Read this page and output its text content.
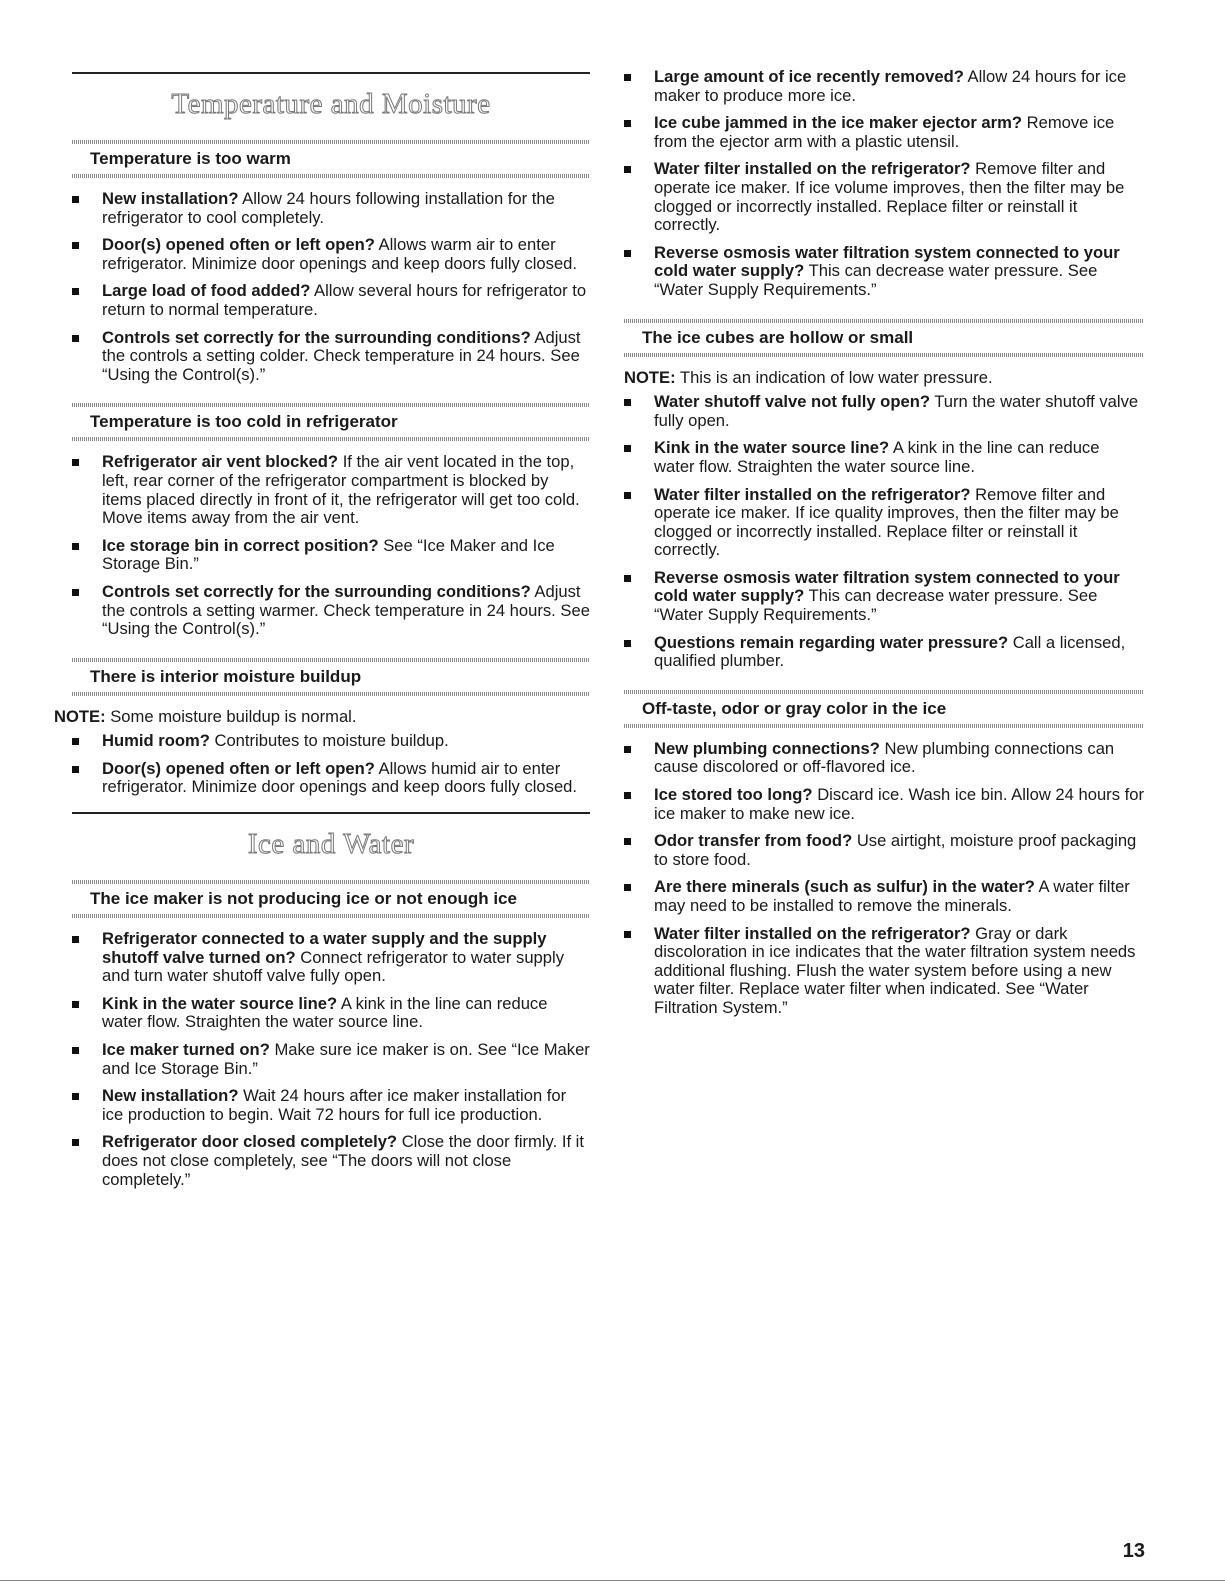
Temperature and Moisture
Temperature is too warm
New installation? Allow 24 hours following installation for the refrigerator to cool completely.
Door(s) opened often or left open? Allows warm air to enter refrigerator. Minimize door openings and keep doors fully closed.
Large load of food added? Allow several hours for refrigerator to return to normal temperature.
Controls set correctly for the surrounding conditions? Adjust the controls a setting colder. Check temperature in 24 hours. See “Using the Control(s).”
Temperature is too cold in refrigerator
Refrigerator air vent blocked? If the air vent located in the top, left, rear corner of the refrigerator compartment is blocked by items placed directly in front of it, the refrigerator will get too cold. Move items away from the air vent.
Ice storage bin in correct position? See “Ice Maker and Ice Storage Bin.”
Controls set correctly for the surrounding conditions? Adjust the controls a setting warmer. Check temperature in 24 hours. See “Using the Control(s).”
There is interior moisture buildup

NOTE: Some moisture buildup is normal.

Humid room? Contributes to moisture buildup.
Door(s) opened often or left open? Allows humid air to enter refrigerator. Minimize door openings and keep doors fully closed.
Ice and Water
The ice maker is not producing ice or not enough ice
Refrigerator connected to a water supply and the supply shutoff valve turned on? Connect refrigerator to water supply and turn water shutoff valve fully open.
Kink in the water source line? A kink in the line can reduce water flow. Straighten the water source line.
Ice maker turned on? Make sure ice maker is on. See “Ice Maker and Ice Storage Bin.”
New installation? Wait 24 hours after ice maker installation for ice production to begin. Wait 72 hours for full ice production.
Refrigerator door closed completely? Close the door firmly. If it does not close completely, see “The doors will not close completely.”
Large amount of ice recently removed? Allow 24 hours for ice maker to produce more ice.
Ice cube jammed in the ice maker ejector arm? Remove ice from the ejector arm with a plastic utensil.
Water filter installed on the refrigerator? Remove filter and operate ice maker. If ice volume improves, then the filter may be clogged or incorrectly installed. Replace filter or reinstall it correctly.
Reverse osmosis water filtration system connected to your cold water supply? This can decrease water pressure. See “Water Supply Requirements.”
The ice cubes are hollow or small

NOTE: This is an indication of low water pressure.

Water shutoff valve not fully open? Turn the water shutoff valve fully open.
Kink in the water source line? A kink in the line can reduce water flow. Straighten the water source line.
Water filter installed on the refrigerator? Remove filter and operate ice maker. If ice quality improves, then the filter may be clogged or incorrectly installed. Replace filter or reinstall it correctly.
Reverse osmosis water filtration system connected to your cold water supply? This can decrease water pressure. See “Water Supply Requirements.”
Questions remain regarding water pressure? Call a licensed, qualified plumber.
Off-taste, odor or gray color in the ice
New plumbing connections? New plumbing connections can cause discolored or off-flavored ice.
Ice stored too long? Discard ice. Wash ice bin. Allow 24 hours for ice maker to make new ice.
Odor transfer from food? Use airtight, moisture proof packaging to store food.
Are there minerals (such as sulfur) in the water? A water filter may need to be installed to remove the minerals.
Water filter installed on the refrigerator? Gray or dark discoloration in ice indicates that the water filtration system needs additional flushing. Flush the water system before using a new water filter. Replace water filter when indicated. See “Water Filtration System.”
13
